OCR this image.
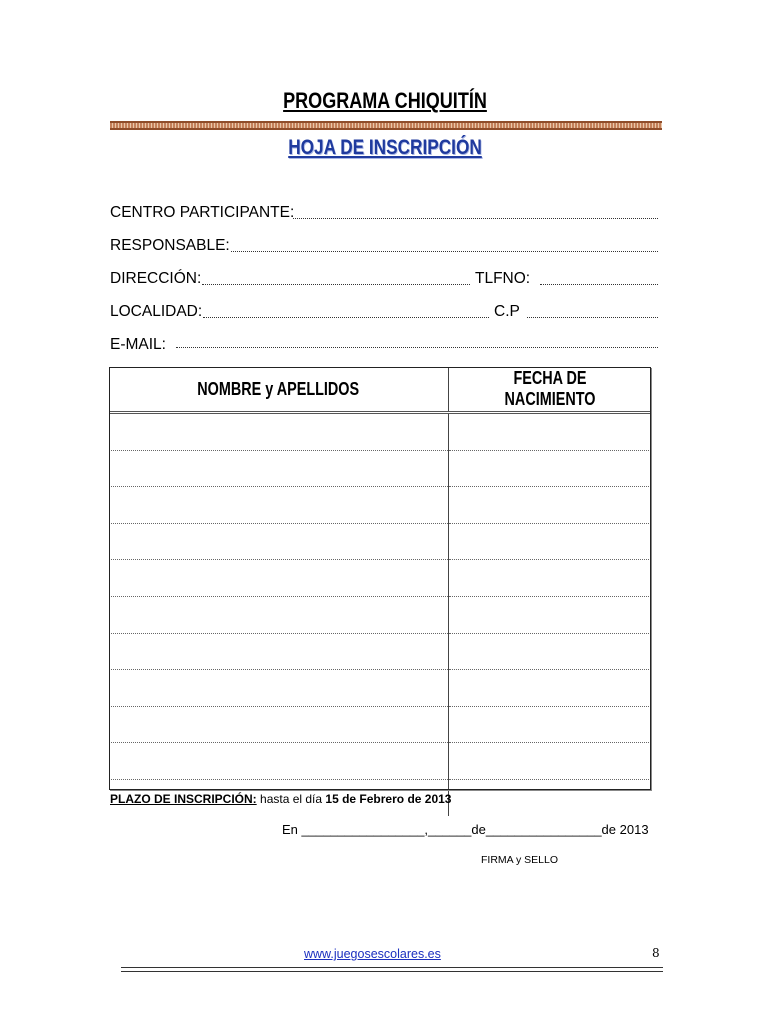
PROGRAMA CHIQUITÍN
HOJA DE INSCRIPCIÓN
CENTRO PARTICIPANTE:
RESPONSABLE:
DIRECCIÓN:	TLFNO:
LOCALIDAD:	C.P
E-MAIL:
NOMBRE y APELLIDOS	FECHA DE NACIMIENTO

PLAZO DE INSCRIPCIÓN: hasta el día 15 de Febrero de 2013
En _________________,______de________________de 2013
FIRMA y SELLO
www.juegosescolares.es	8
